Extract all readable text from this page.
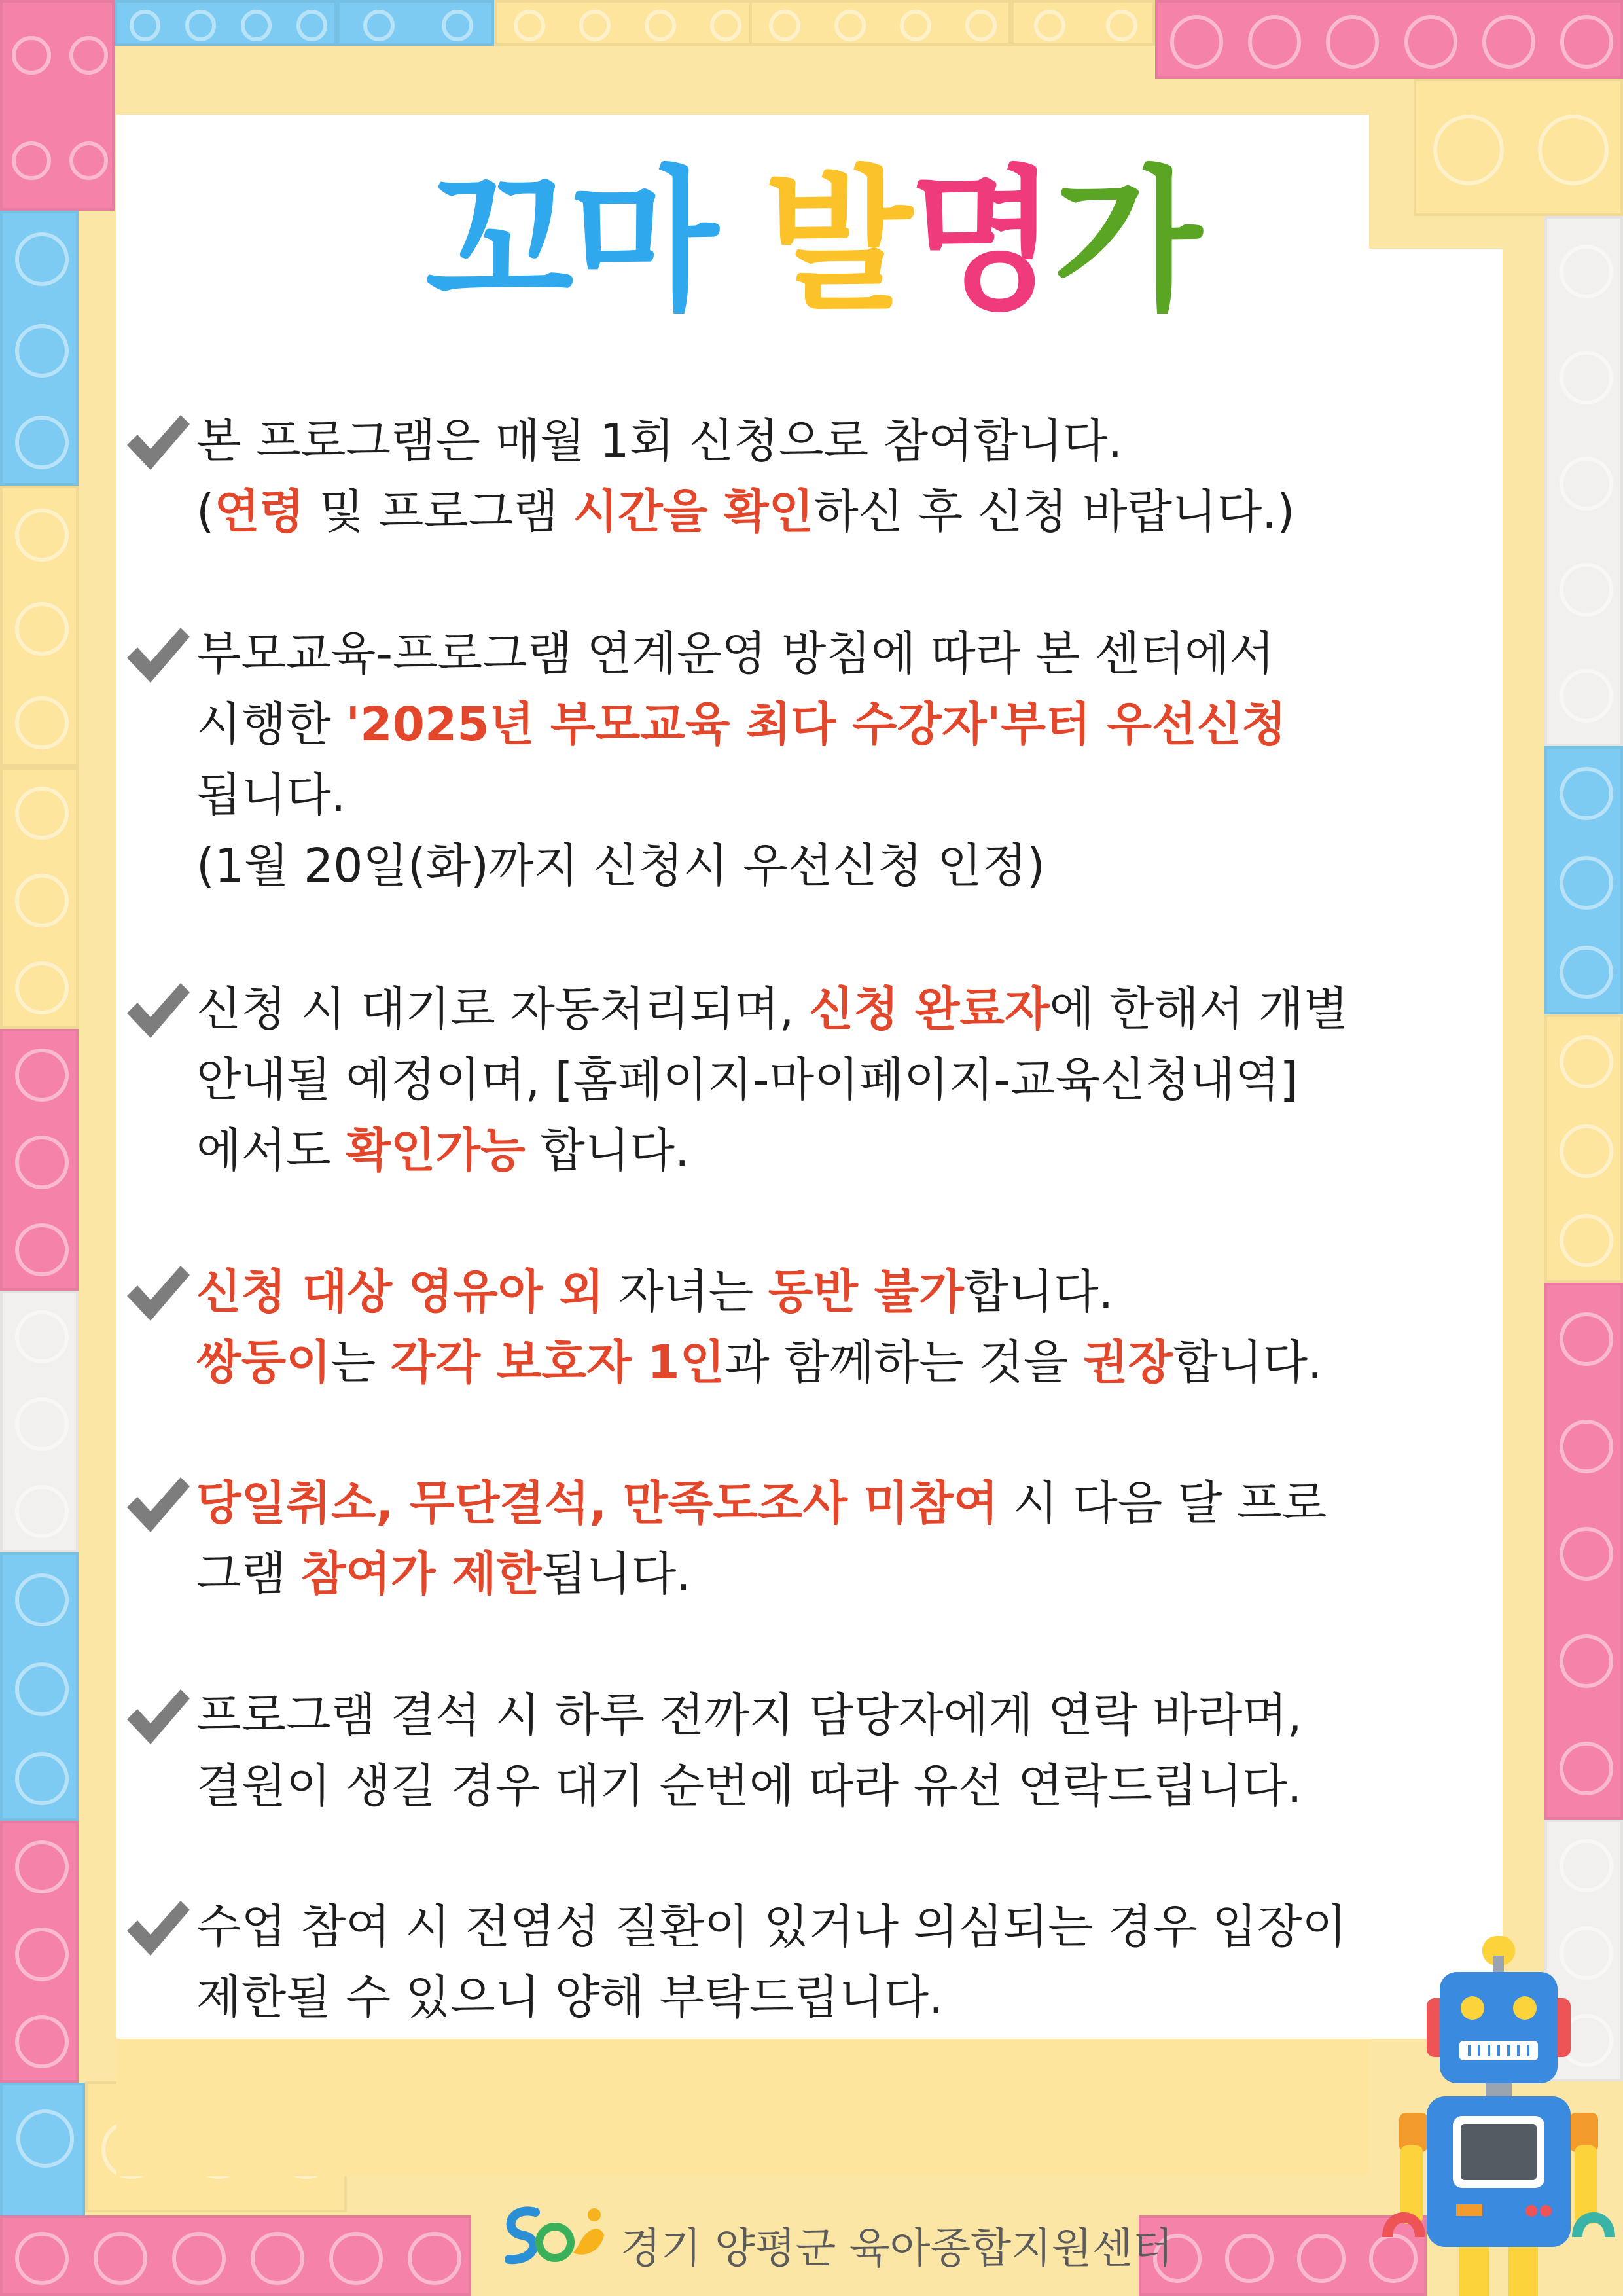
꼬마 발명가
본 프로그램은 매월 1회 신청으로 참여합니다.
(연령 및 프로그램 시간을 확인하신 후 신청 바랍니다.)
부모교육-프로그램 연계운영 방침에 따라 본 센터에서
시행한 '2025년 부모교육 최다 수강자'부터 우선신청
됩니다.
(1월 20일(화)까지 신청시 우선신청 인정)
신청 시 대기로 자동처리되며, 신청 완료자에 한해서 개별
안내될 예정이며, [홈페이지-마이페이지-교육신청내역]
에서도 확인가능 합니다.
신청 대상 영유아 외 자녀는 동반 불가합니다.
쌍둥이는 각각 보호자 1인과 함께하는 것을 권장합니다.
당일취소, 무단결석, 만족도조사 미참여 시 다음 달 프로
그램 참여가 제한됩니다.
프로그램 결석 시 하루 전까지 담당자에게 연락 바라며,
결원이 생길 경우 대기 순번에 따라 유선 연락드립니다.
수업 참여 시 전염성 질환이 있거나 의심되는 경우 입장이
제한될 수 있으니 양해 부탁드립니다.
경기 양평군 육아종합지원센터
